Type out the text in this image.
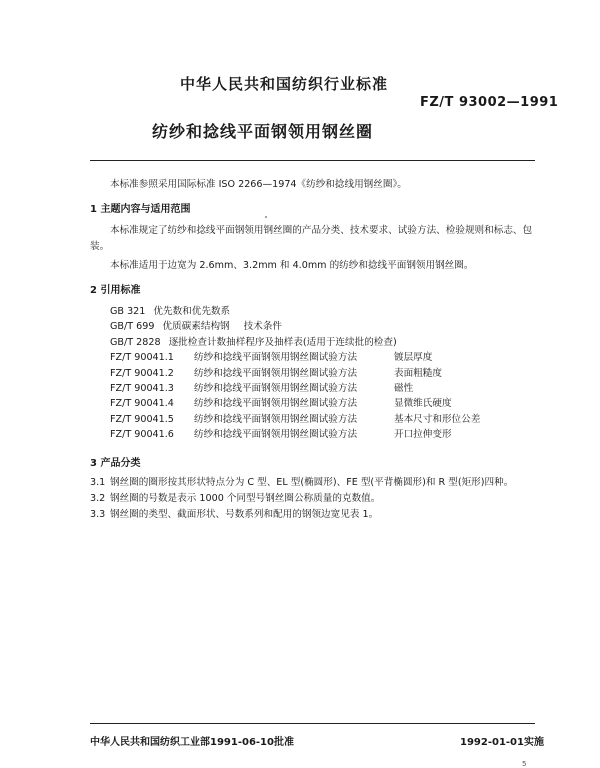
中华人民共和国纺织行业标准
FZ/T 93002—1991
纺纱和捻线平面钢领用钢丝圈
本标准参照采用国际标准 ISO 2266—1974《纺纱和捻线用钢丝圈》。
1 主题内容与适用范围
本标准规定了纺纱和捻线平面钢领用钢丝圈的产品分类、技术要求、试验方法、检验规则和标志、包
装。
本标准适用于边宽为 2.6mm、3.2mm 和 4.0mm 的纺纱和捻线平面钢领用钢丝圈。
2 引用标准
GB 321 优先数和优先数系
GB/T 699 优质碳素结构钢 技术条件
GB/T 2828 逐批检查计数抽样程序及抽样表(适用于连续批的检查)
FZ/T 90041.1	纺纱和捻线平面钢领用钢丝圈试验方法	镀层厚度
FZ/T 90041.2	纺纱和捻线平面钢领用钢丝圈试验方法	表面粗糙度
FZ/T 90041.3	纺纱和捻线平面钢领用钢丝圈试验方法	磁性
FZ/T 90041.4	纺纱和捻线平面钢领用钢丝圈试验方法	显微维氏硬度
FZ/T 90041.5	纺纱和捻线平面钢领用钢丝圈试验方法	基本尺寸和形位公差
FZ/T 90041.6	纺纱和捻线平面钢领用钢丝圈试验方法	开口拉伸变形
3 产品分类
3.1 钢丝圈的圈形按其形状特点分为 C 型、EL 型(椭圆形)、FE 型(平背椭圆形)和 R 型(矩形)四种。
3.2 钢丝圈的号数是表示 1000 个同型号钢丝圈公称质量的克数值。
3.3 钢丝圈的类型、截面形状、号数系列和配用的钢领边宽见表 1。
中华人民共和国纺织工业部1991-06-10批准	1992-01-01实施
5
